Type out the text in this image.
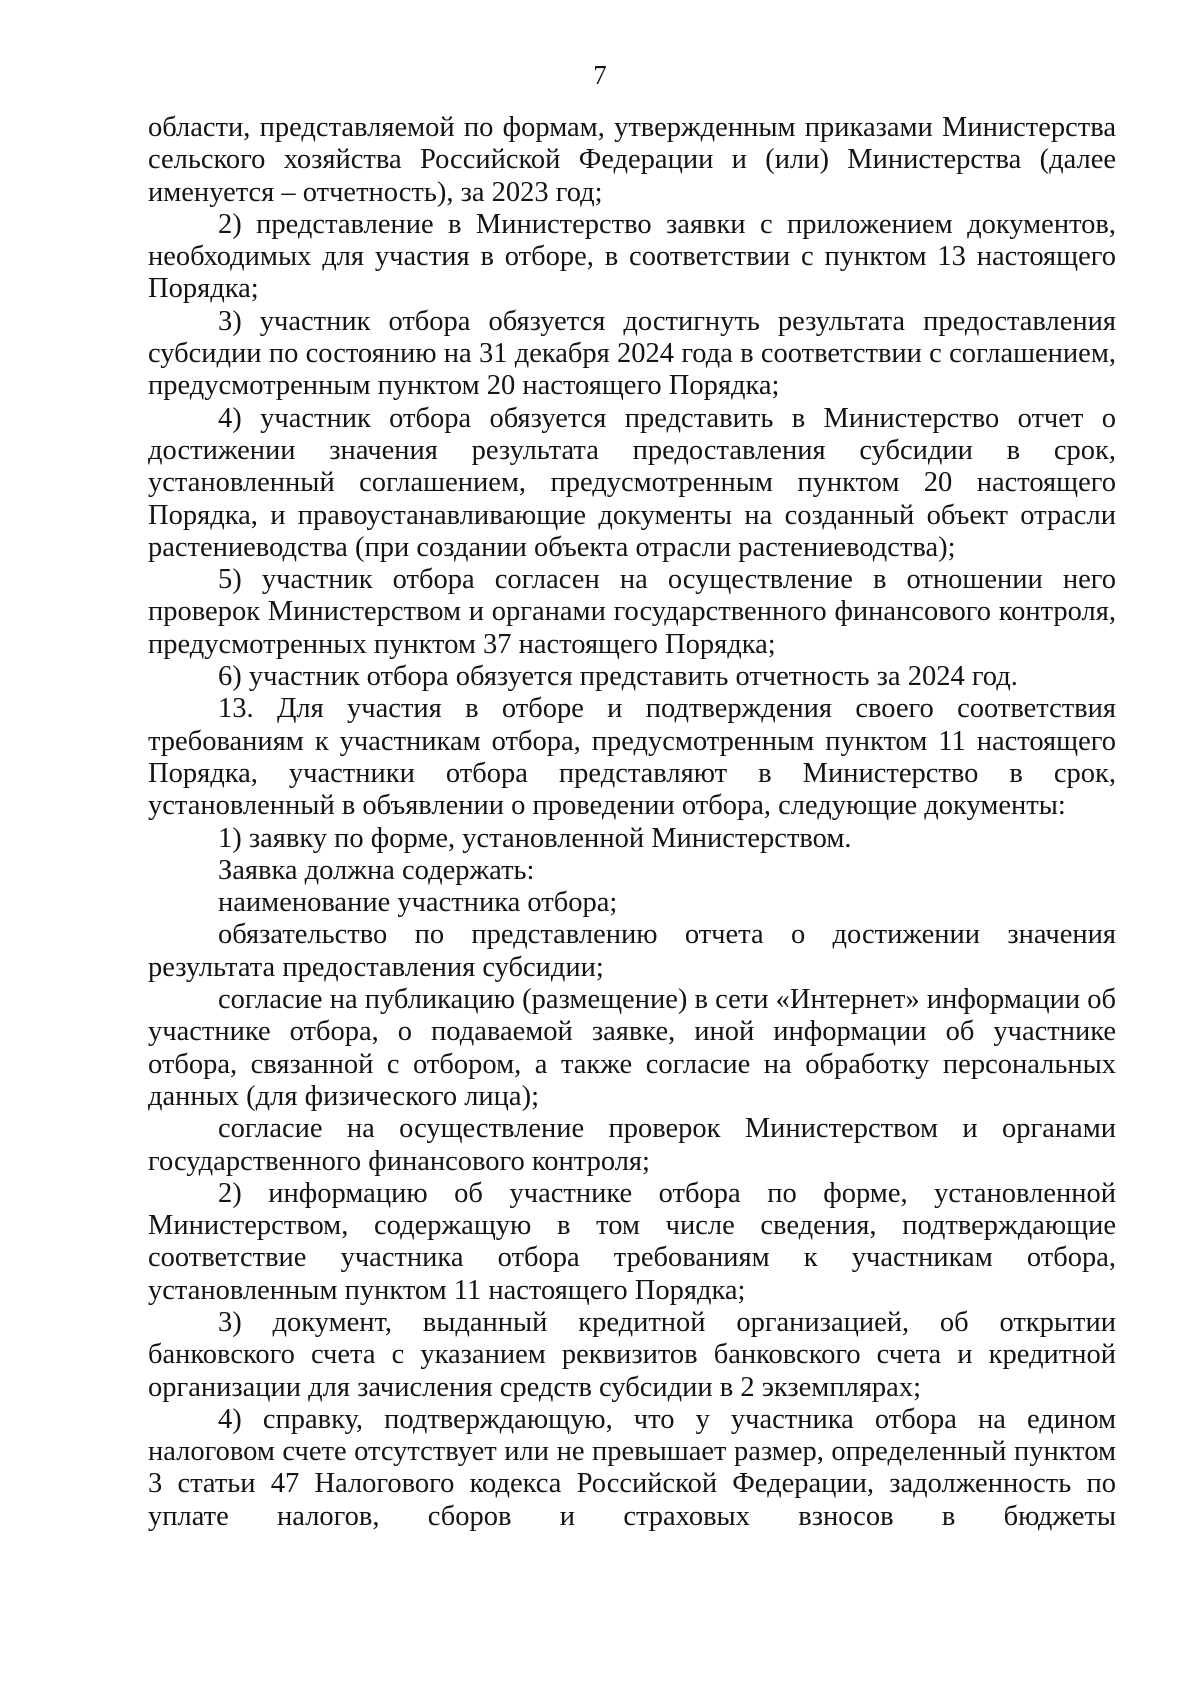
7

области, представляемой по формам, утвержденным приказами Министерства сельского хозяйства Российской Федерации и (или) Министерства (далее именуется – отчетность), за 2023 год;

2) представление в Министерство заявки с приложением документов, необходимых для участия в отборе, в соответствии с пунктом 13 настоящего Порядка;

3) участник отбора обязуется достигнуть результата предоставления субсидии по состоянию на 31 декабря 2024 года в соответствии с соглашением, предусмотренным пунктом 20 настоящего Порядка;

4) участник отбора обязуется представить в Министерство отчет о достижении значения результата предоставления субсидии в срок, установленный соглашением, предусмотренным пунктом 20 настоящего Порядка, и правоустанавливающие документы на созданный объект отрасли растениеводства (при создании объекта отрасли растениеводства);

5) участник отбора согласен на осуществление в отношении него проверок Министерством и органами государственного финансового контроля, предусмотренных пунктом 37 настоящего Порядка;

6) участник отбора обязуется представить отчетность за 2024 год.

13. Для участия в отборе и подтверждения своего соответствия требованиям к участникам отбора, предусмотренным пунктом 11 настоящего Порядка, участники отбора представляют в Министерство в срок, установленный в объявлении о проведении отбора, следующие документы:

1) заявку по форме, установленной Министерством.

Заявка должна содержать:

наименование участника отбора;

обязательство по представлению отчета о достижении значения результата предоставления субсидии;

согласие на публикацию (размещение) в сети «Интернет» информации об участнике отбора, о подаваемой заявке, иной информации об участнике отбора, связанной с отбором, а также согласие на обработку персональных данных (для физического лица);

согласие на осуществление проверок Министерством и органами государственного финансового контроля;

2) информацию об участнике отбора по форме, установленной Министерством, содержащую в том числе сведения, подтверждающие соответствие участника отбора требованиям к участникам отбора, установленным пунктом 11 настоящего Порядка;

3) документ, выданный кредитной организацией, об открытии банковского счета с указанием реквизитов банковского счета и кредитной организации для зачисления средств субсидии в 2 экземплярах;

4) справку, подтверждающую, что у участника отбора на едином налоговом счете отсутствует или не превышает размер, определенный пунктом 3 статьи 47 Налогового кодекса Российской Федерации, задолженность по уплате налогов, сборов и страховых взносов в бюджеты
